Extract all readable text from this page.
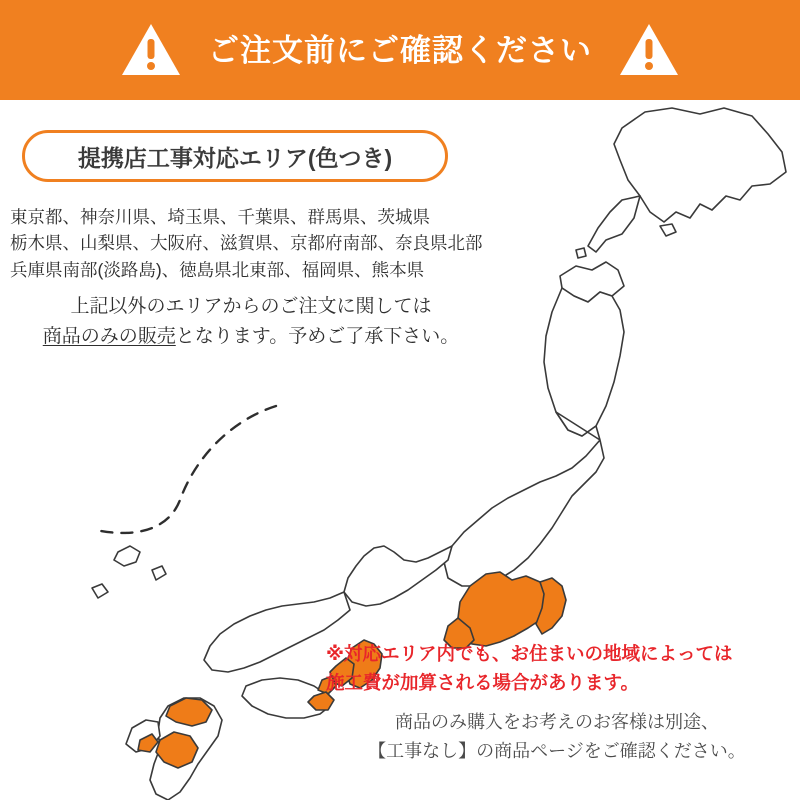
ご注文前にご確認ください
提携店工事対応エリア(色つき)
東京都、神奈川県、埼玉県、千葉県、群馬県、茨城県
栃木県、山梨県、大阪府、滋賀県、京都府南部、奈良県北部
兵庫県南部(淡路島)、徳島県北東部、福岡県、熊本県
上記以外のエリアからのご注文に関しては
商品のみの販売となります。予めご了承下さい。
※対応エリア内でも、お住まいの地域によっては
施工費が加算される場合があります。
商品のみ購入をお考えのお客様は別途、
【工事なし】の商品ページをご確認ください。
